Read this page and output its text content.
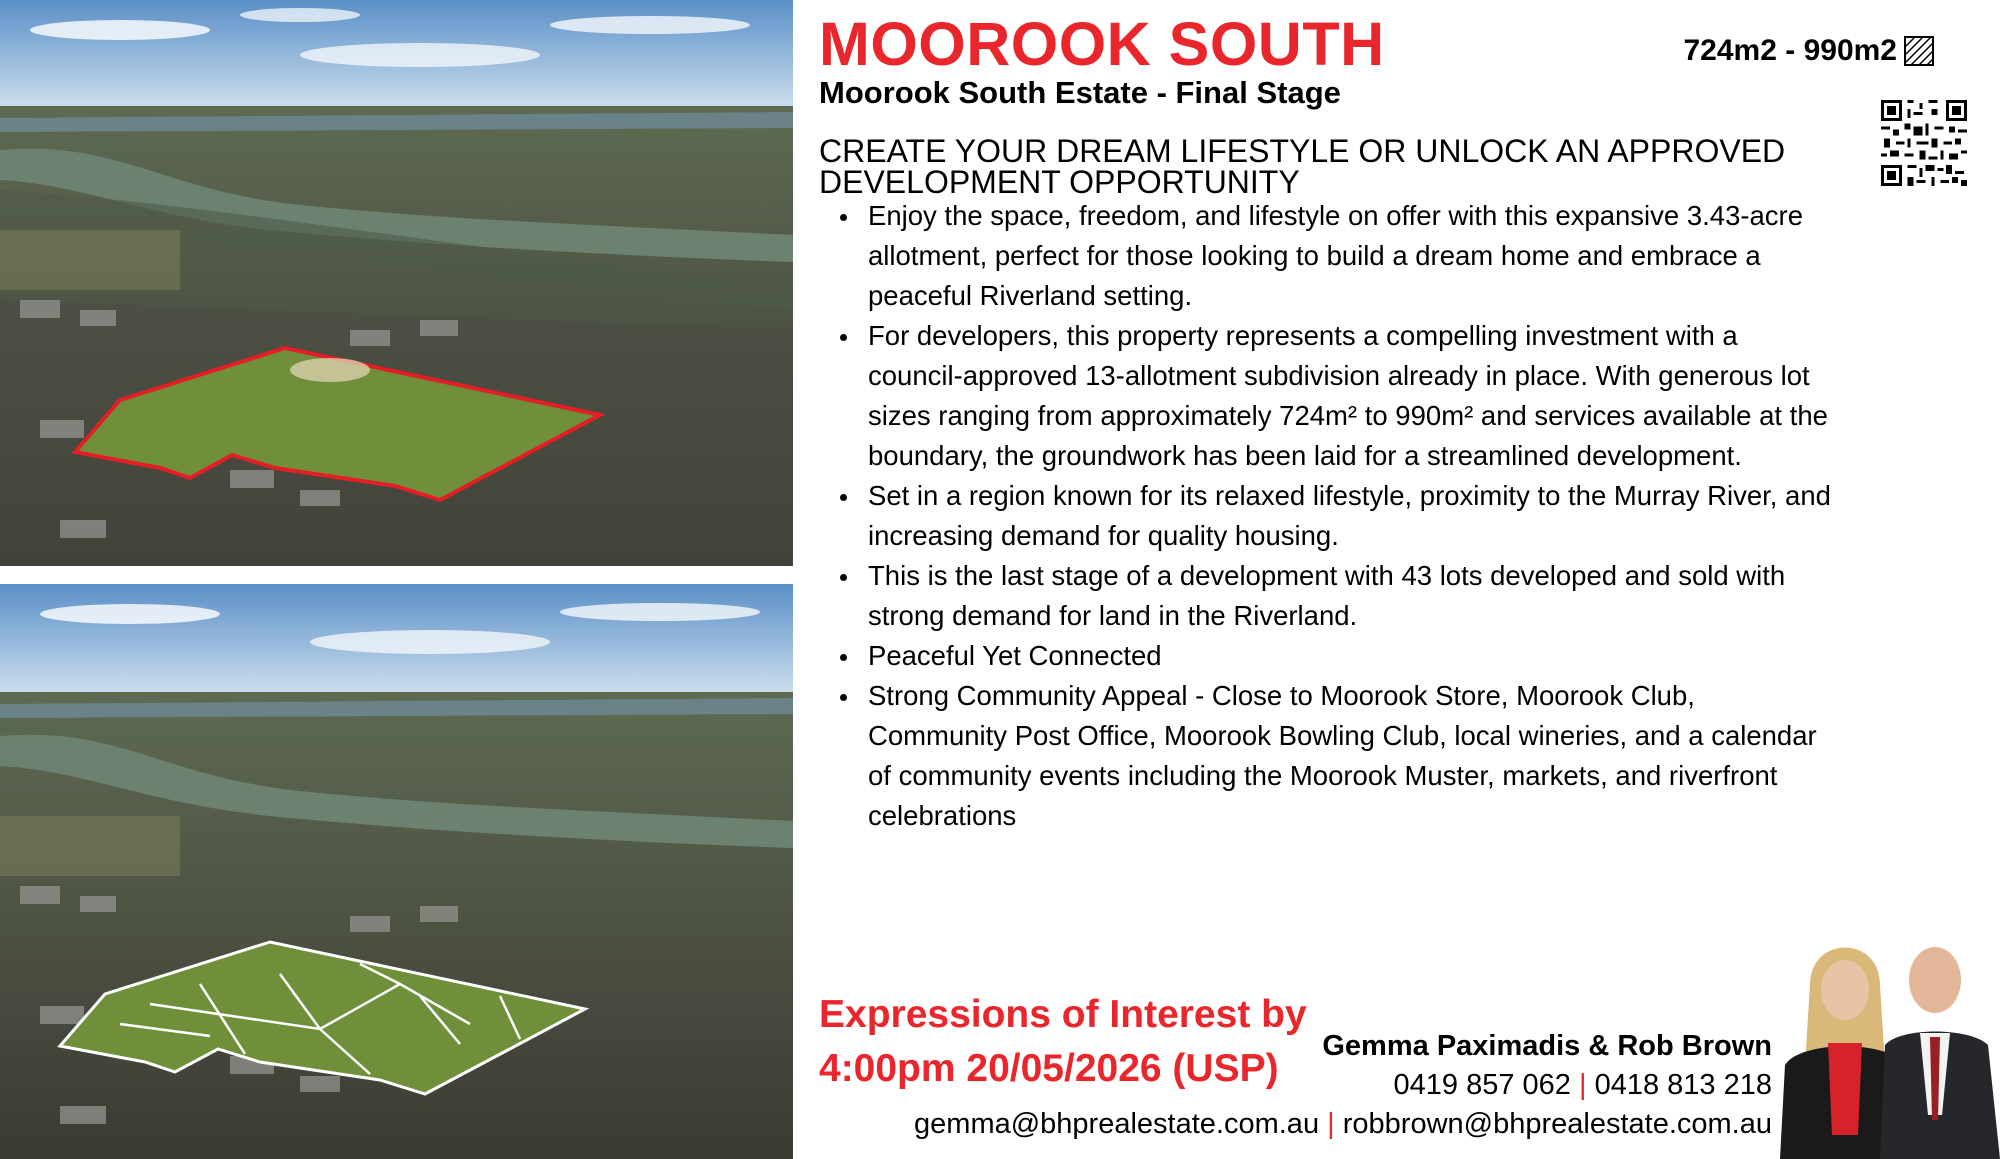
MOOROOK SOUTH
Moorook South Estate - Final Stage
724m2 - 990m2
CREATE YOUR DREAM LIFESTYLE OR UNLOCK AN APPROVED DEVELOPMENT OPPORTUNITY
Enjoy the space, freedom, and lifestyle on offer with this expansive 3.43-acre allotment, perfect for those looking to build a dream home and embrace a peaceful Riverland setting.
For developers, this property represents a compelling investment with a council-approved 13-allotment subdivision already in place. With generous lot sizes ranging from approximately 724m² to 990m² and services available at the boundary, the groundwork has been laid for a streamlined development.
Set in a region known for its relaxed lifestyle, proximity to the Murray River, and increasing demand for quality housing.
This is the last stage of a development with 43 lots developed and sold with strong demand for land in the Riverland.
Peaceful Yet Connected
Strong Community Appeal - Close to Moorook Store, Moorook Club, Community Post Office, Moorook Bowling Club, local wineries, and a calendar of community events including the Moorook Muster, markets, and riverfront celebrations
Expressions of Interest by
4:00pm 20/05/2026 (USP)
Gemma Paximadis & Rob Brown
0419 857 062 | 0418 813 218
gemma@bhprealestate.com.au | robbrown@bhprealestate.com.au
